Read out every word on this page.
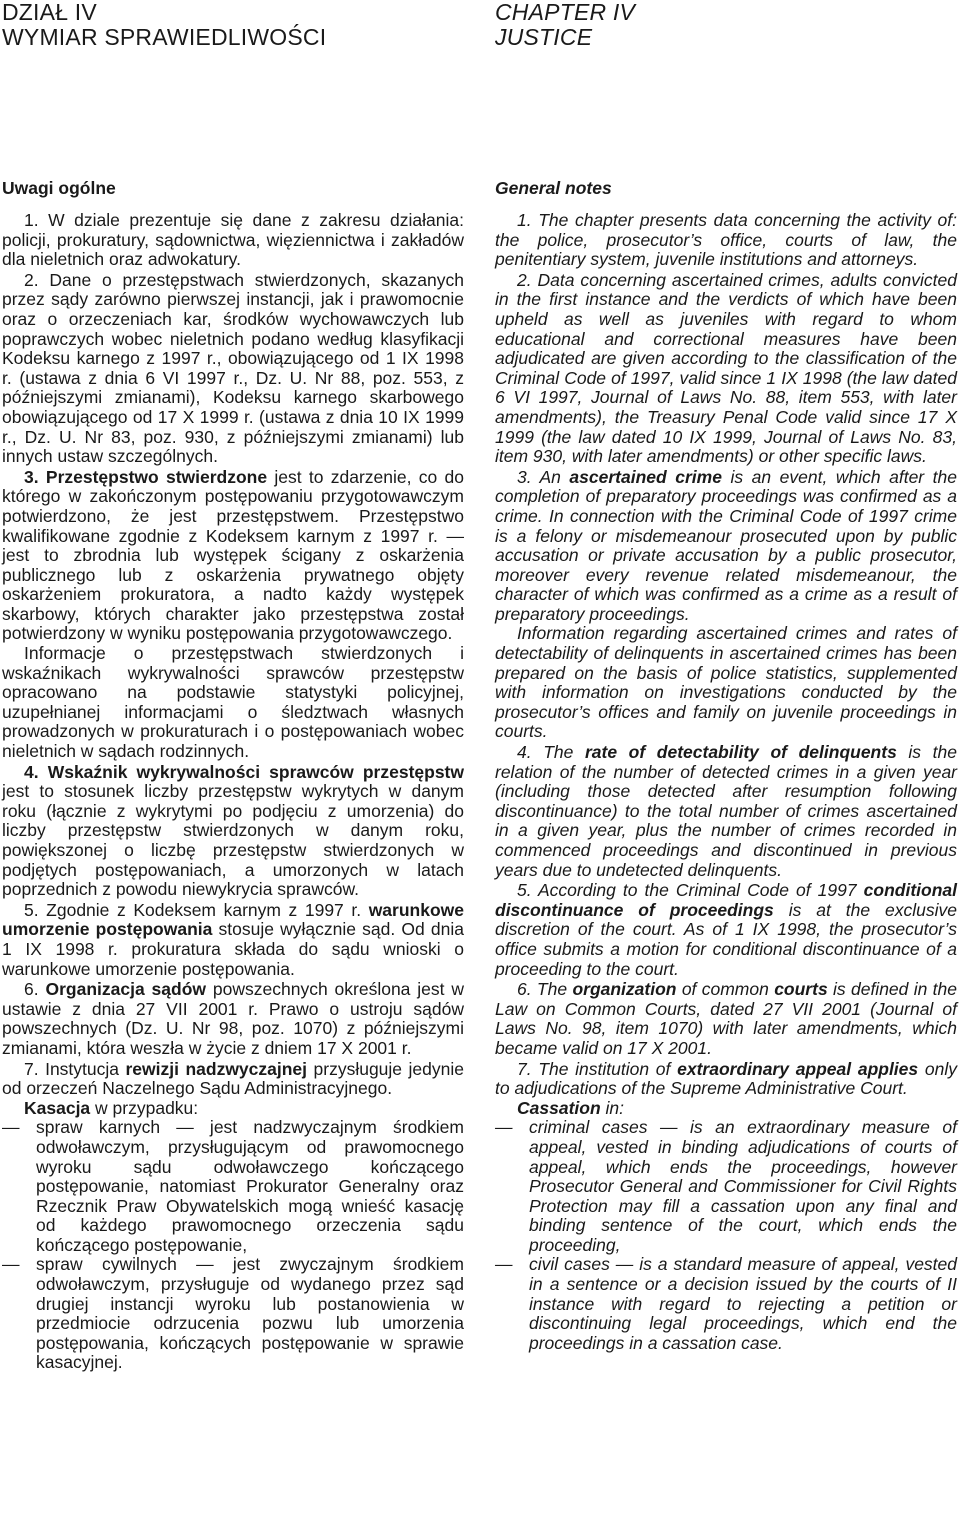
DZIAŁ IV
WYMIAR SPRAWIEDLIWOŚCI

Uwagi ogólne

1. W dziale prezentuje się dane z zakresu działania: policji, prokuratury, sądownictwa, więziennictwa i zakładów dla nieletnich oraz adwokatury.

2. Dane o przestępstwach stwierdzonych, skazanych przez sądy zarówno pierwszej instancji, jak i prawomocnie oraz o orzeczeniach kar, środków wychowawczych lub poprawczych wobec nieletnich podano według klasyfikacji Kodeksu karnego z 1997 r., obowiązującego od 1 IX 1998 r. (ustawa z dnia 6 VI 1997 r., Dz. U. Nr 88, poz. 553, z późniejszymi zmianami), Kodeksu karnego skarbowego obowiązującego od 17 X 1999 r. (ustawa z dnia 10 IX 1999 r., Dz. U. Nr 83, poz. 930, z późniejszymi zmianami) lub innych ustaw szczególnych.

3. Przestępstwo stwierdzone jest to zdarzenie, co do którego w zakończonym postępowaniu przygotowawczym potwierdzono, że jest przestępstwem. Przestępstwo kwalifikowane zgodnie z Kodeksem karnym z 1997 r. — jest to zbrodnia lub występek ścigany z oskarżenia publicznego lub z oskarżenia prywatnego objęty oskarżeniem prokuratora, a nadto każdy występek skarbowy, których charakter jako przestępstwa został potwierdzony w wyniku postępowania przygotowawczego.

Informacje o przestępstwach stwierdzonych i wskaźnikach wykrywalności sprawców przestępstw opracowano na podstawie statystyki policyjnej, uzupełnianej informacjami o śledztwach własnych prowadzonych w prokuraturach i o postępowaniach wobec nieletnich w sądach rodzinnych.

4. Wskaźnik wykrywalności sprawców przestępstw jest to stosunek liczby przestępstw wykrytych w danym roku (łącznie z wykrytymi po podjęciu z umorzenia) do liczby przestępstw stwierdzonych w danym roku, powiększonej o liczbę przestępstw stwierdzonych w podjętych postępowaniach, a umorzonych w latach poprzednich z powodu niewykrycia sprawców.

5. Zgodnie z Kodeksem karnym z 1997 r. warunkowe umorzenie postępowania stosuje wyłącznie sąd. Od dnia 1 IX 1998 r. prokuratura składa do sądu wnioski o warunkowe umorzenie postępowania.

6. Organizacja sądów powszechnych określona jest w ustawie z dnia 27 VII 2001 r. Prawo o ustroju sądów powszechnych (Dz. U. Nr 98, poz. 1070) z późniejszymi zmianami, która weszła w życie z dniem 17 X 2001 r.

7. Instytucja rewizji nadzwyczajnej przysługuje jedynie od orzeczeń Naczelnego Sądu Administracyjnego.

Kasacja w przypadku:

— spraw karnych — jest nadzwyczajnym środkiem odwoławczym, przysługującym od prawomocnego wyroku sądu odwoławczego kończącego postępowanie, natomiast Prokurator Generalny oraz Rzecznik Praw Obywatelskich mogą wnieść kasację od każdego prawomocnego orzeczenia sądu kończącego postępowanie,
— spraw cywilnych — jest zwyczajnym środkiem odwoławczym, przysługuje od wydanego przez sąd drugiej instancji wyroku lub postanowienia w przedmiocie odrzucenia pozwu lub umorzenia postępowania, kończących postępowanie w sprawie kasacyjnej.
CHAPTER IV
JUSTICE

General notes

1. The chapter presents data concerning the activity of: the police, prosecutor’s office, courts of law, the penitentiary system, juvenile institutions and attorneys.

2. Data concerning ascertained crimes, adults convicted in the first instance and the verdicts of which have been upheld as well as juveniles with regard to whom educational and correctional measures have been adjudicated are given according to the classification of the Criminal Code of 1997, valid since 1 IX 1998 (the law dated 6 VI 1997, Journal of Laws No. 88, item 553, with later amendments), the Treasury Penal Code valid since 17 X 1999 (the law dated 10 IX 1999, Journal of Laws No. 83, item 930, with later amendments) or other specific laws.

3. An ascertained crime is an event, which after the completion of preparatory proceedings was confirmed as a crime. In connection with the Criminal Code of 1997 crime is a felony or misdemeanour prosecuted upon by public accusation or private accusation by a public prosecutor, moreover every revenue related misdemeanour, the character of which was confirmed as a crime as a result of preparatory proceedings.

Information regarding ascertained crimes and rates of detectability of delinquents in ascertained crimes has been prepared on the basis of police statistics, supplemented with information on investigations conducted by the prosecutor’s offices and family on juvenile proceedings in courts.

4. The rate of detectability of delinquents is the relation of the number of detected crimes in a given year (including those detected after resumption following discontinuance) to the total number of crimes ascertained in a given year, plus the number of crimes recorded in commenced proceedings and discontinued in previous years due to undetected delinquents.

5. According to the Criminal Code of 1997 conditional discontinuance of proceedings is at the exclusive discretion of the court. As of 1 IX 1998, the prosecutor’s office submits a motion for conditional discontinuance of a proceeding to the court.

6. The organization of common courts is defined in the Law on Common Courts, dated 27 VII 2001 (Journal of Laws No. 98, item 1070) with later amendments, which became valid on 17 X 2001.

7. The institution of extraordinary appeal applies only to adjudications of the Supreme Administrative Court.

Cassation in:

— criminal cases — is an extraordinary measure of appeal, vested in binding adjudications of courts of appeal, which ends the proceedings, however Prosecutor General and Commissioner for Civil Rights Protection may fill a cassation upon any final and binding sentence of the court, which ends the proceeding,
— civil cases — is a standard measure of appeal, vested in a sentence or a decision issued by the courts of II instance with regard to rejecting a petition or discontinuing legal proceedings, which end the proceedings in a cassation case.
